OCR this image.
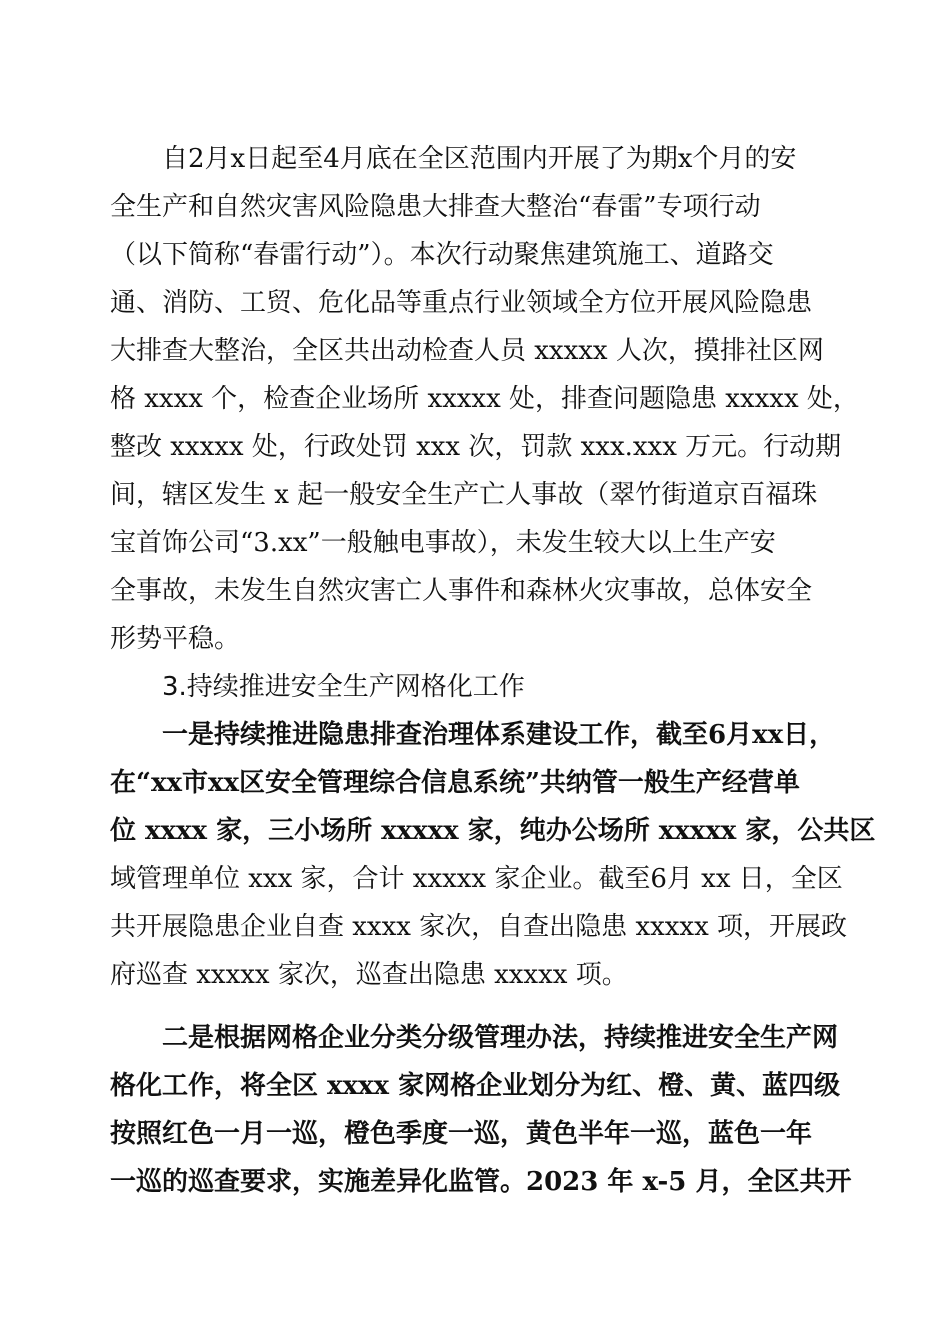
自2月x日起至4月底在全区范围内开展了为期x个月的安
全生产和自然灾害风险隐患大排查大整治“春雷”专项行动
（以下简称“春雷行动”）。本次行动聚焦建筑施工、道路交
通、消防、工贸、危化品等重点行业领域全方位开展风险隐患
大排查大整治，全区共出动检查人员 xxxxx 人次，摸排社区网
格 xxxx 个，检查企业场所 xxxxx 处，排查问题隐患 xxxxx 处，
整改 xxxxx 处，行政处罚 xxx 次，罚款 xxx.xxx 万元。行动期
间，辖区发生 x 起一般安全生产亡人事故（翠竹街道京百福珠
宝首饰公司“3.xx”一般触电事故），未发生较大以上生产安
全事故，未发生自然灾害亡人事件和森林火灾事故，总体安全
形势平稳。
3.持续推进安全生产网格化工作
一是持续推进隐患排查治理体系建设工作，截至6月xx日，
在“xx市xx区安全管理综合信息系统”共纳管一般生产经营单
位 xxxx 家，三小场所 xxxxx 家，纯办公场所 xxxxx 家，公共区
域管理单位 xxx 家，合计 xxxxx 家企业。截至6月 xx 日，全区
共开展隐患企业自查 xxxx 家次，自查出隐患 xxxxx 项，开展政
府巡查 xxxxx 家次，巡查出隐患 xxxxx 项。
二是根据网格企业分类分级管理办法，持续推进安全生产网
格化工作，将全区 xxxx 家网格企业划分为红、橙、黄、蓝四级
按照红色一月一巡，橙色季度一巡，黄色半年一巡，蓝色一年
一巡的巡查要求，实施差异化监管。2023 年 x-5 月，全区共开
